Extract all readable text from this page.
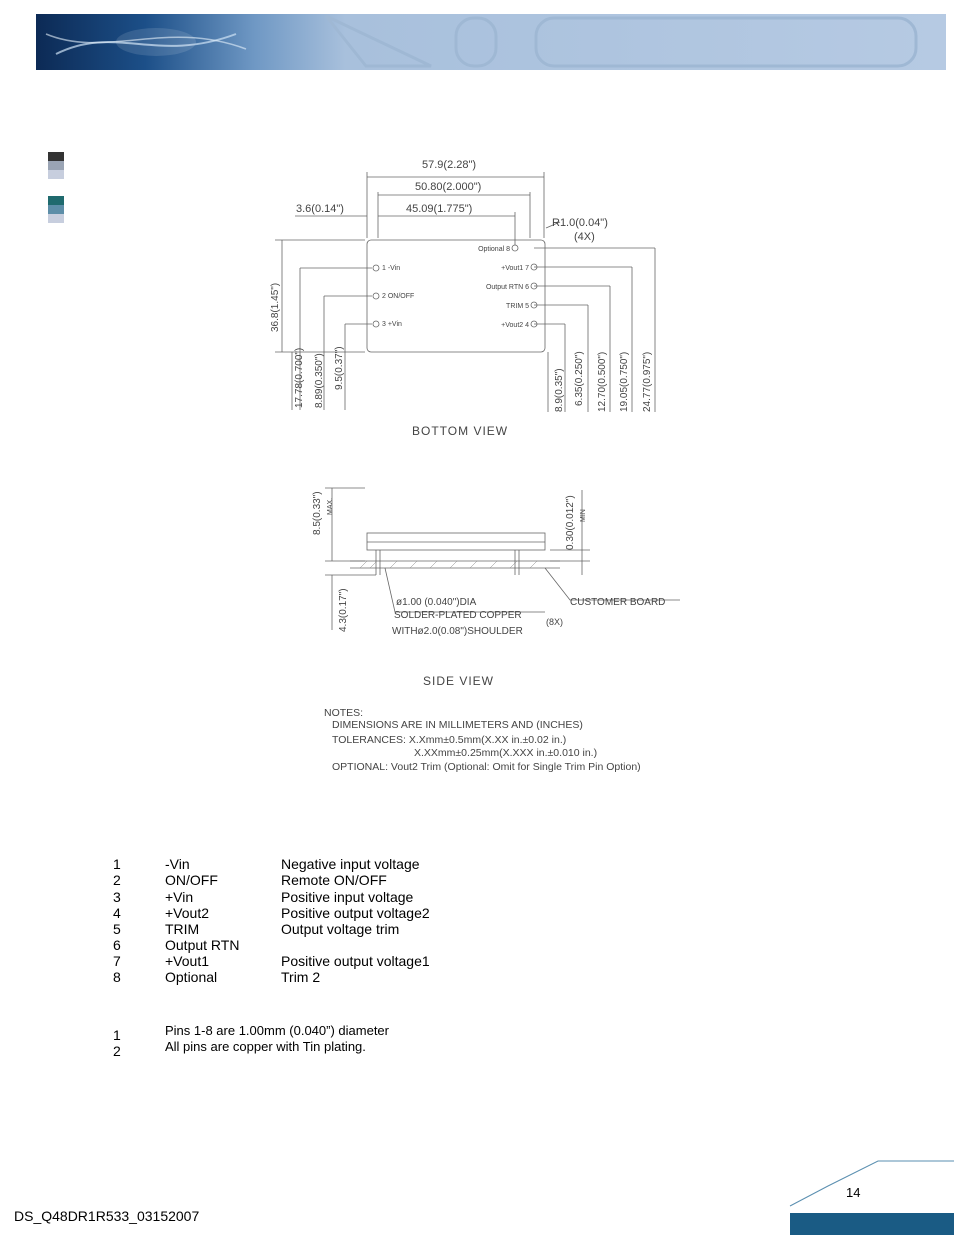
57.9(2.28")
50.80(2.000")
45.09(1.775")
3.6(0.14")
R1.0(0.04")
(4X)
1 -Vin
2 ON/OFF
3 +Vin
Optional 8
+Vout1 7
Output RTN 6
TRIM 5
+Vout2 4
36.8(1.45")
17.78(0.700") 8.89(0.350") 9.5(0.37")
8.9(0.35") 6.35(0.250") 12.70(0.500") 19.05(0.750") 24.77(0.975")
BOTTOM VIEW
8.5(0.33") MAX.	0.30(0.012") MIN
4.3(0.17")	ø1.00 (0.040")DIA
SOLDER-PLATED COPPER
WITHø2.0(0.08")SHOULDER
(8X)
CUSTOMER BOARD
SIDE VIEW
NOTES:
DIMENSIONS ARE IN MILLIMETERS AND (INCHES)
TOLERANCES: X.Xmm±0.5mm(X.XX in.±0.02 in.)
X.XXmm±0.25mm(X.XXX in.±0.010 in.)
OPTIONAL: Vout2 Trim (Optional: Omit for Single Trim Pin Option)
1	-Vin	Negative input voltage
2	ON/OFF	Remote ON/OFF
3	+Vin	Positive input voltage
4	+Vout2	Positive output voltage2
5	TRIM	Output voltage trim
6	Output RTN
7	+Vout1	Positive output voltage1
8	Optional	Trim 2
1	Pins 1-8 are 1.00mm (0.040”) diameter
2	All pins are copper with Tin plating.
14
DS_Q48DR1R533_03152007
